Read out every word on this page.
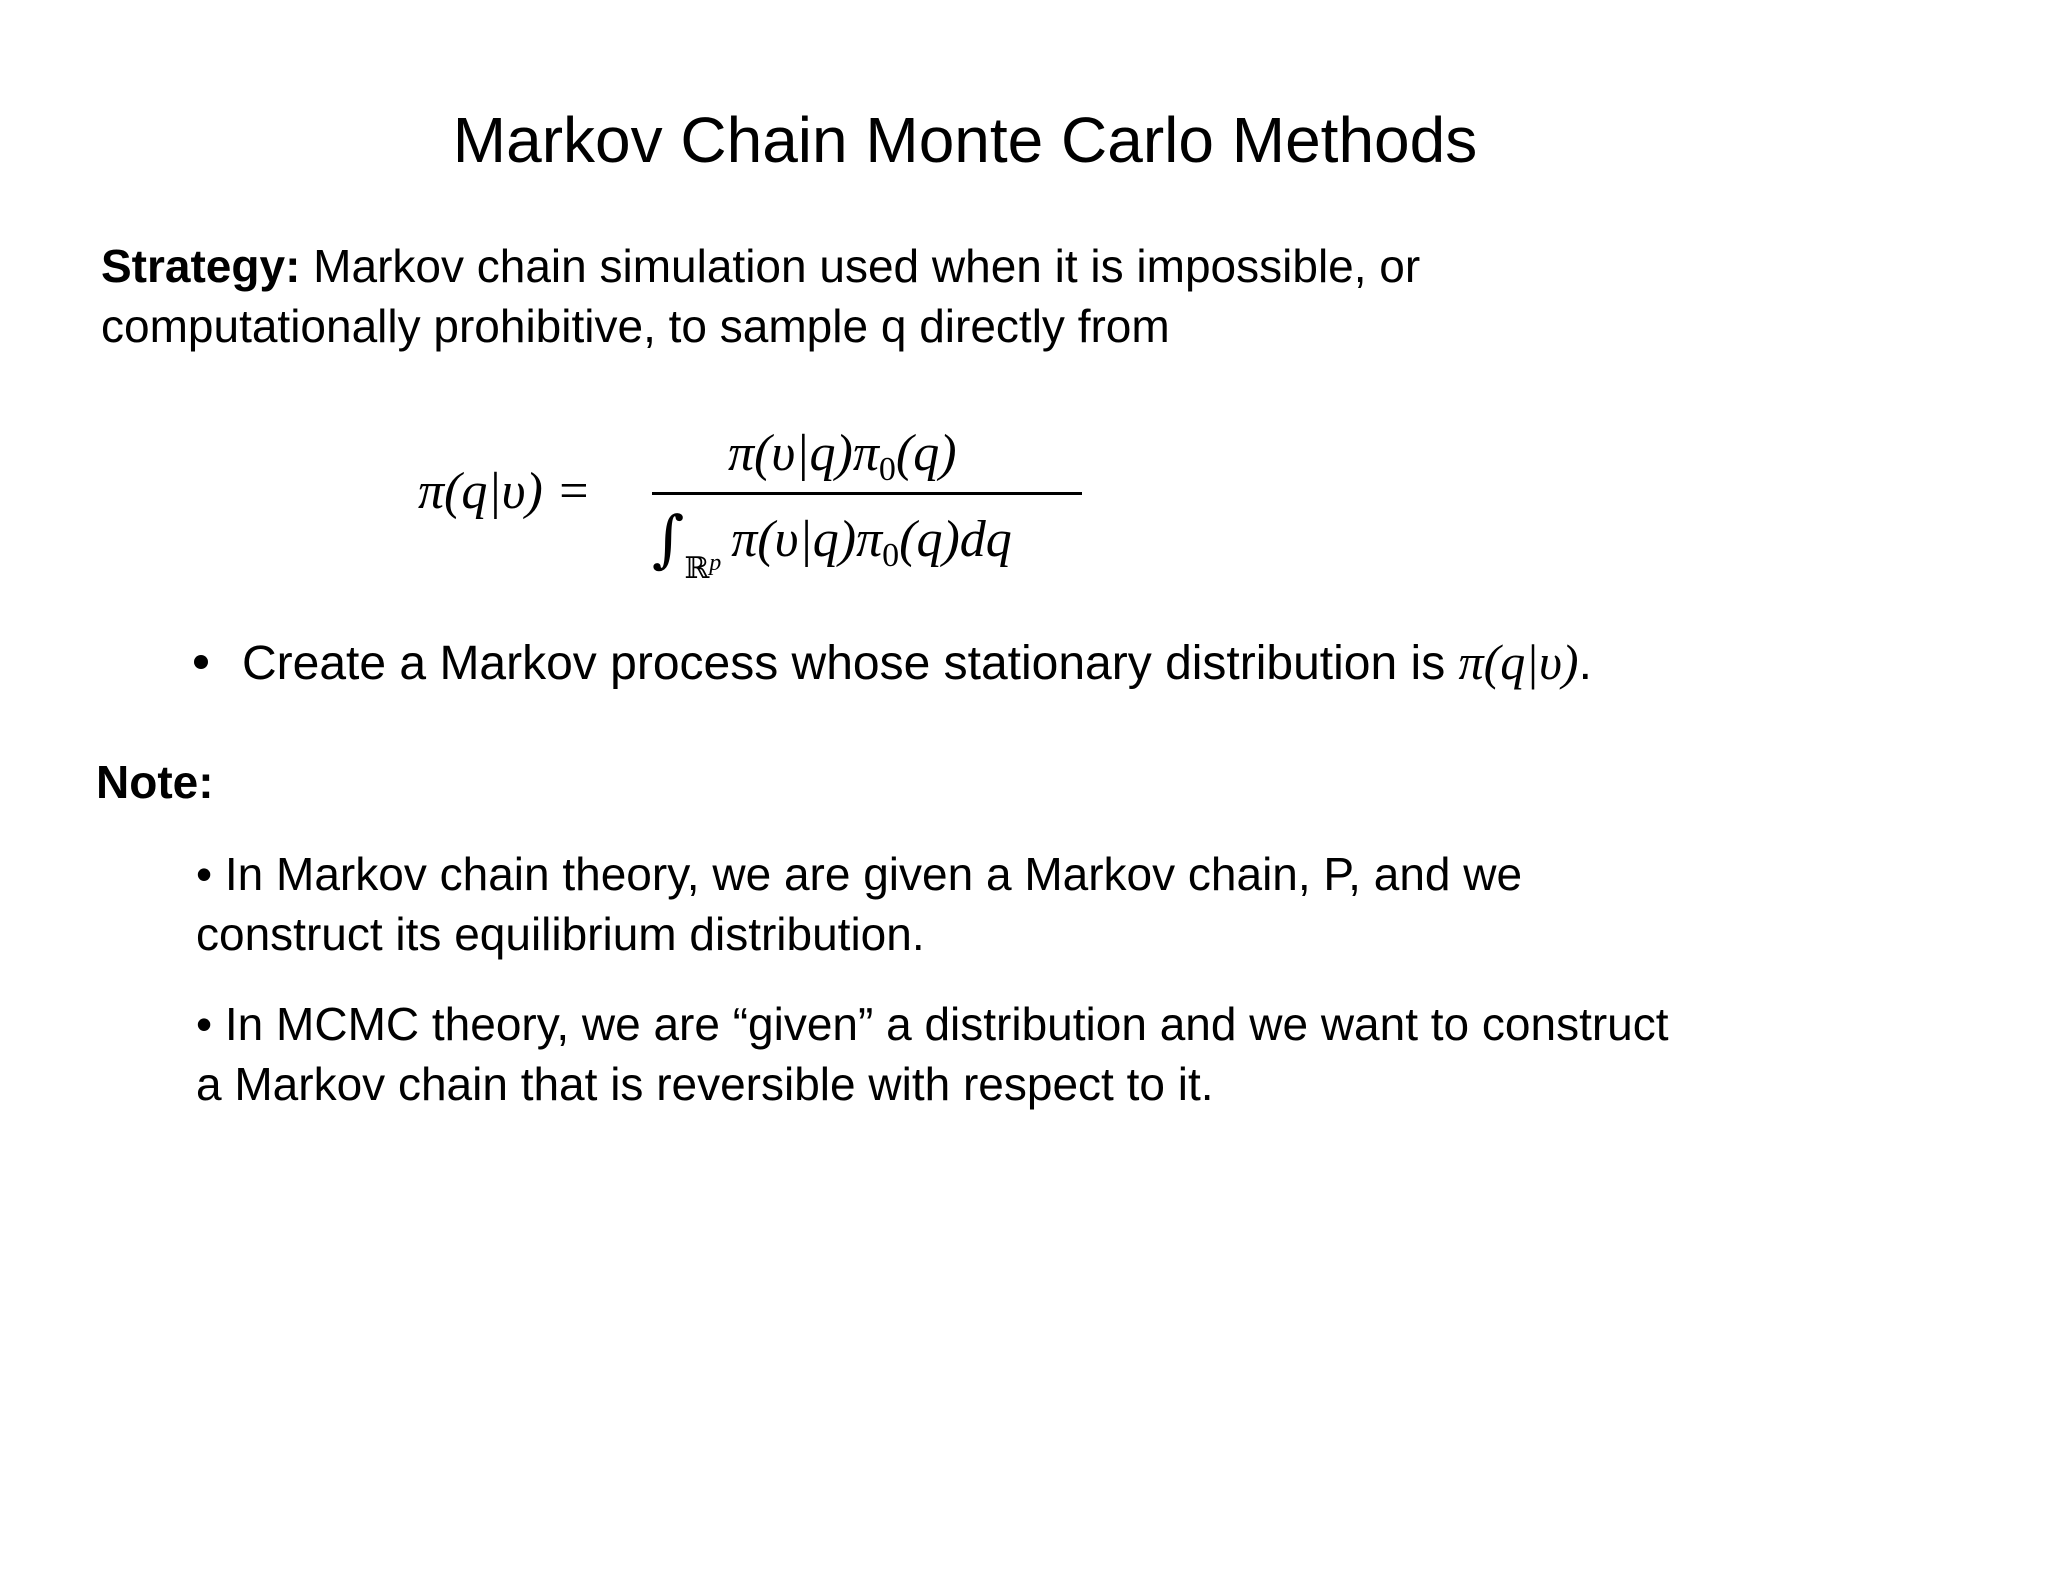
Markov Chain Monte Carlo Methods
Strategy: Markov chain simulation used when it is impossible, or
computationally prohibitive, to sample q directly from
π(q|υ) =
π(υ|q)π0(q)
$\int_{ℝ^p}$ π(υ|q)π0(q)dq
Create a Markov process whose stationary distribution is π(q|υ).
Note:
• In Markov chain theory, we are given a Markov chain, P, and we
construct its equilibrium distribution.
• In MCMC theory, we are “given” a distribution and we want to construct
a Markov chain that is reversible with respect to it.
